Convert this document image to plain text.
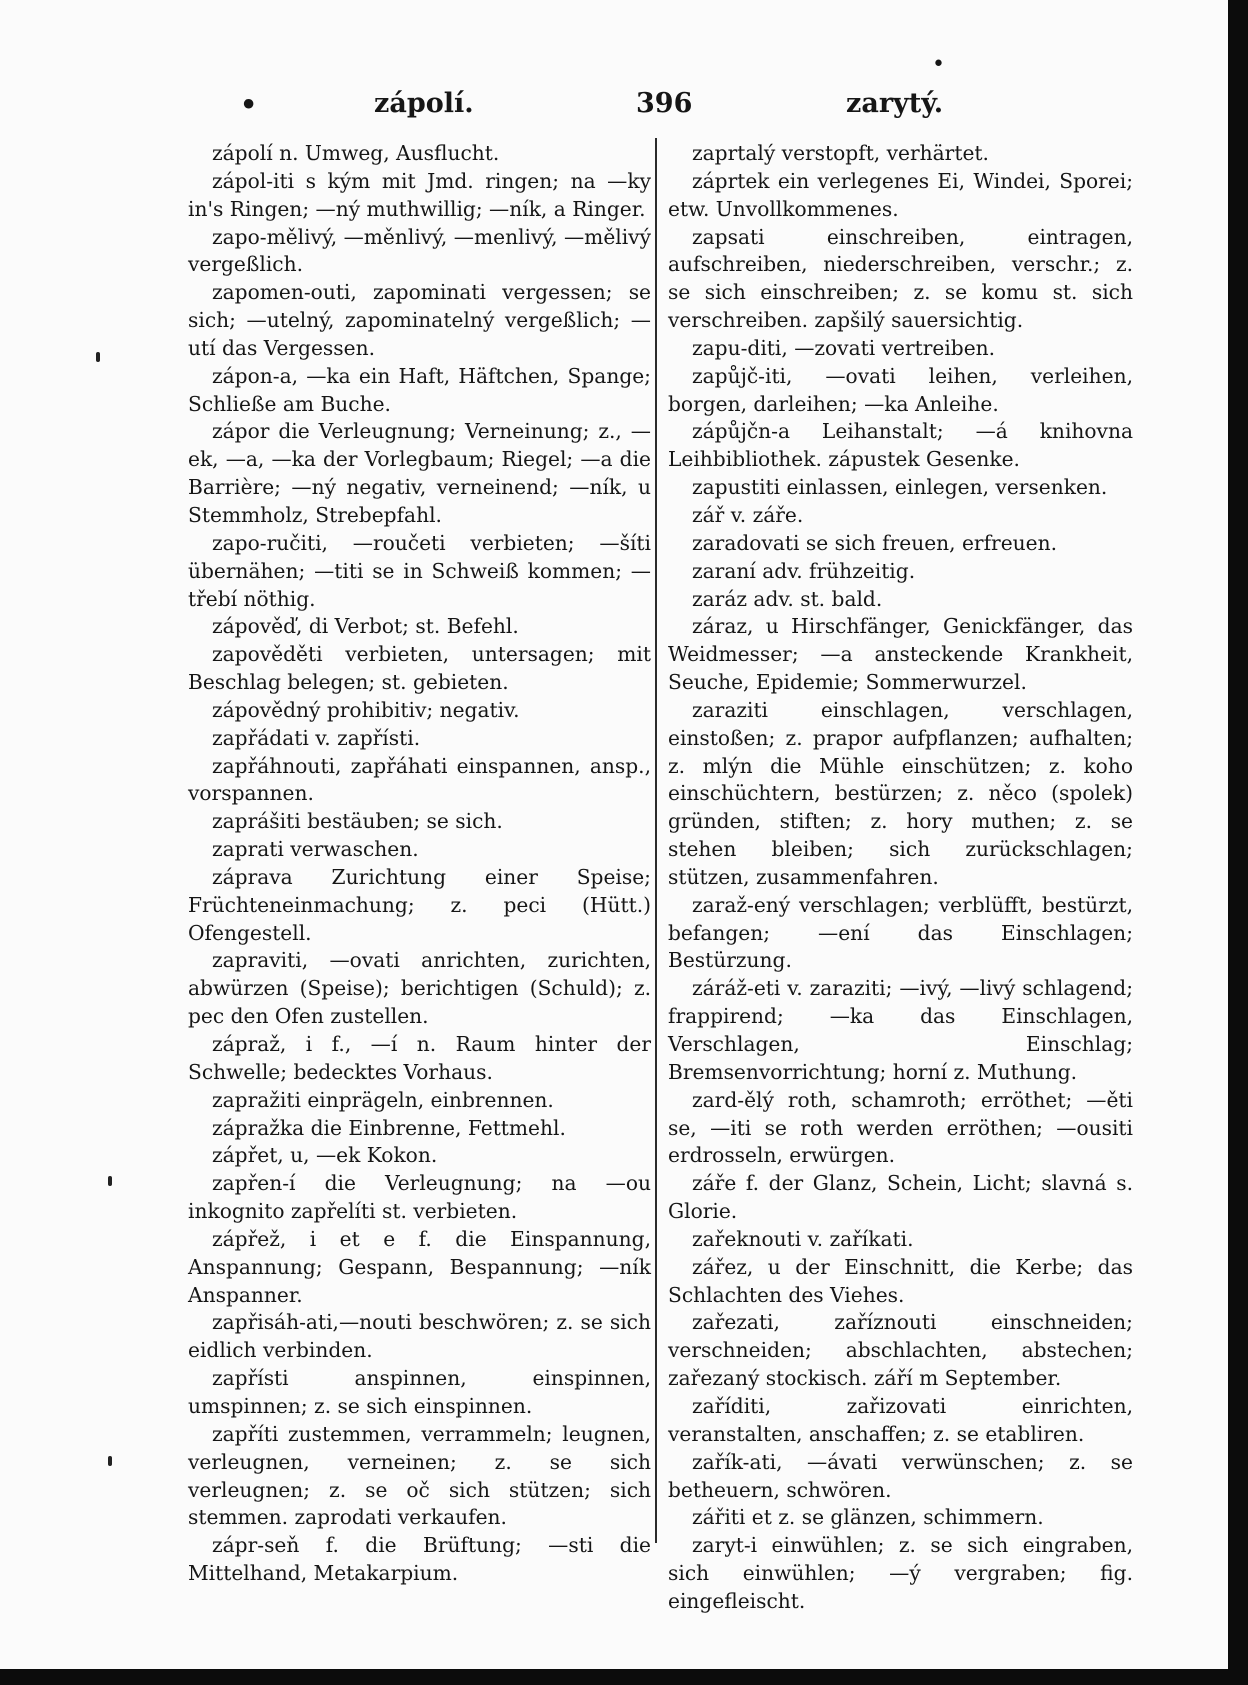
•
•	zápolí.	396	zarytý.

zápolí n. Umweg, Ausflucht.

zápol-iti s kým mit Jmd. ringen; na —ky in's Ringen; —ný muthwillig; —ník, a Ringer.

zapo-mělivý, —měnlivý, —menlivý, —mělivý vergeßlich.

zapomen-outi, zapominati vergessen; se sich; —utelný, zapominatelný vergeßlich; —utí das Vergessen.

zápon-a, —ka ein Haft, Häftchen, Spange; Schließe am Buche.

zápor die Verleugnung; Verneinung; z., —ek, —a, —ka der Vorlegbaum; Riegel; —a die Barrière; —ný negativ, verneinend; —ník, u Stemmholz, Strebepfahl.

zapo-ručiti, —roučeti verbieten; —šíti übernähen; —titi se in Schweiß kommen; —třebí nöthig.

zápověď, di Verbot; st. Befehl.

zapověděti verbieten, untersagen; mit Beschlag belegen; st. gebieten.

zápovědný prohibitiv; negativ.

zapřádati v. zapřísti.

zapřáhnouti, zapřáhati einspannen, ansp., vorspannen.

zaprášiti bestäuben; se sich.

zaprati verwaschen.

záprava Zurichtung einer Speise; Früchteneinmachung; z. peci (Hütt.) Ofengestell.

zapraviti, —ovati anrichten, zurichten, abwürzen (Speise); berichtigen (Schuld); z. pec den Ofen zustellen.

zápraž, i f., —í n. Raum hinter der Schwelle; bedecktes Vorhaus.

zapražiti einprägeln, einbrennen.

zápražka die Einbrenne, Fettmehl.

zápřet, u, —ek Kokon.

zapřen-í die Verleugnung; na —ou inkognito zapřelíti st. verbieten.

zápřež, i et e f. die Einspannung, Anspannung; Gespann, Bespannung; —ník Anspanner.

zapřisáh-ati,—nouti beschwören; z. se sich eidlich verbinden.

zapřísti anspinnen, einspinnen, umspinnen; z. se sich einspinnen.

zapříti zustemmen, verrammeln; leugnen, verleugnen, verneinen; z. se sich verleugnen; z. se oč sich stützen; sich stemmen. zaprodati verkaufen.

zápr-seň f. die Brüftung; —sti die Mittelhand, Metakarpium.

zaprtalý verstopft, verhärtet.

záprtek ein verlegenes Ei, Windei, Sporei; etw. Unvollkommenes.

zapsati einschreiben, eintragen, aufschreiben, niederschreiben, verschr.; z. se sich einschreiben; z. se komu st. sich verschreiben. zapšilý sauersichtig.

zapu-diti, —zovati vertreiben.

zapůjč-iti, —ovati leihen, verleihen, borgen, darleihen; —ka Anleihe.

zápůjčn-a Leihanstalt; —á knihovna Leihbibliothek. zápustek Gesenke.

zapustiti einlassen, einlegen, versenken.

zář v. záře.

zaradovati se sich freuen, erfreuen.

zaraní adv. frühzeitig.

zaráz adv. st. bald.

záraz, u Hirschfänger, Genickfänger, das Weidmesser; —a ansteckende Krankheit, Seuche, Epidemie; Sommerwurzel.

zaraziti einschlagen, verschlagen, einstoßen; z. prapor aufpflanzen; aufhalten; z. mlýn die Mühle einschützen; z. koho einschüchtern, bestürzen; z. něco (spolek) gründen, stiften; z. hory muthen; z. se stehen bleiben; sich zurückschlagen; stützen, zusammenfahren.

zaraž-ený verschlagen; verblüfft, bestürzt, befangen; —ení das Einschlagen; Bestürzung.

záráž-eti v. zaraziti; —ivý, —livý schlagend; frappirend; —ka das Einschlagen, Verschlagen, Einschlag; Bremsenvorrichtung; horní z. Muthung.

zard-ělý roth, schamroth; erröthet; —ěti se, —iti se roth werden erröthen; —ousiti erdrosseln, erwürgen.

záře f. der Glanz, Schein, Licht; slavná s. Glorie.

zařeknouti v. zaříkati.

zářez, u der Einschnitt, die Kerbe; das Schlachten des Viehes.

zařezati, zaříznouti einschneiden; verschneiden; abschlachten, abstechen; zařezaný stockisch. září m September.

zaříditi, zařizovati einrichten, veranstalten, anschaffen; z. se etabliren.

zařík-ati, —ávati verwünschen; z. se betheuern, schwören.

zářiti et z. se glänzen, schimmern.

zaryt-i einwühlen; z. se sich eingraben, sich einwühlen; —ý vergraben; fig. eingefleischt.
